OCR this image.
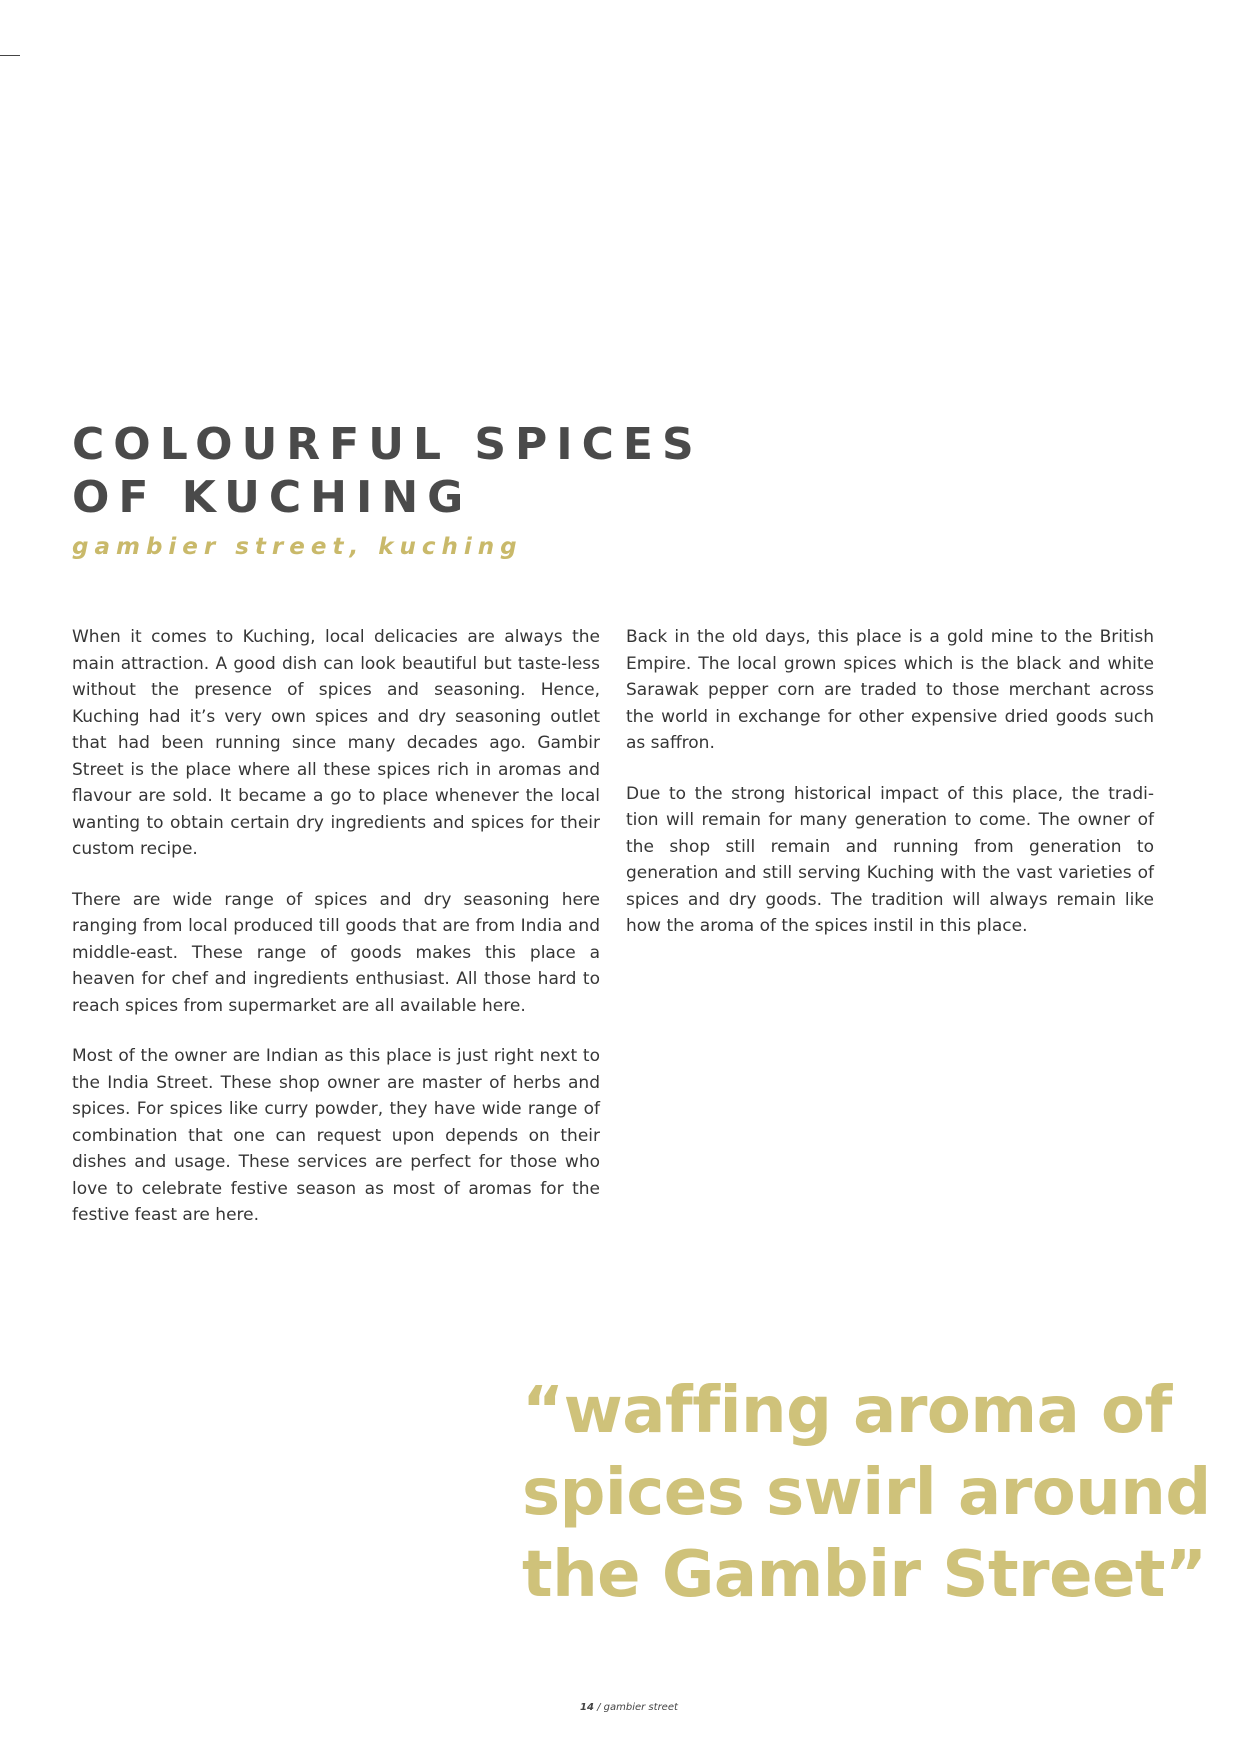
COLOURFUL SPICES
OF KUCHING
gambier street, kuching

When it comes to Kuching, local delicacies are always the main attraction. A good dish can look beautiful but taste-less without the presence of spices and seasoning. Hence, Kuching had it’s very own spices and dry seasoning outlet that had been running since many decades ago. Gambir Street is the place where all these spices rich in aromas and flavour are sold. It became a go to place whenever the local wanting to obtain certain dry ingredients and spices for their custom recipe.

There are wide range of spices and dry seasoning here ranging from local produced till goods that are from India and middle-east. These range of goods makes this place a heaven for chef and ingredients enthusiast. All those hard to reach spices from supermarket are all available here.

Most of the owner are Indian as this place is just right next to the India Street. These shop owner are master of herbs and spices. For spices like curry powder, they have wide range of combination that one can request upon depends on their dishes and usage. These services are perfect for those who love to celebrate festive season as most of aromas for the festive feast are here.

Back in the old days, this place is a gold mine to the British Empire. The local grown spices which is the black and white Sarawak pepper corn are traded to those merchant across the world in exchange for other expensive dried goods such as saffron.

Due to the strong historical impact of this place, the tradi-tion will remain for many generation to come. The owner of the shop still remain and running from generation to generation and still serving Kuching with the vast varieties of spices and dry goods. The tradition will always remain like how the aroma of the spices instil in this place.

“waffing aroma of
spices swirl around
the Gambir Street”
14 / gambier street
